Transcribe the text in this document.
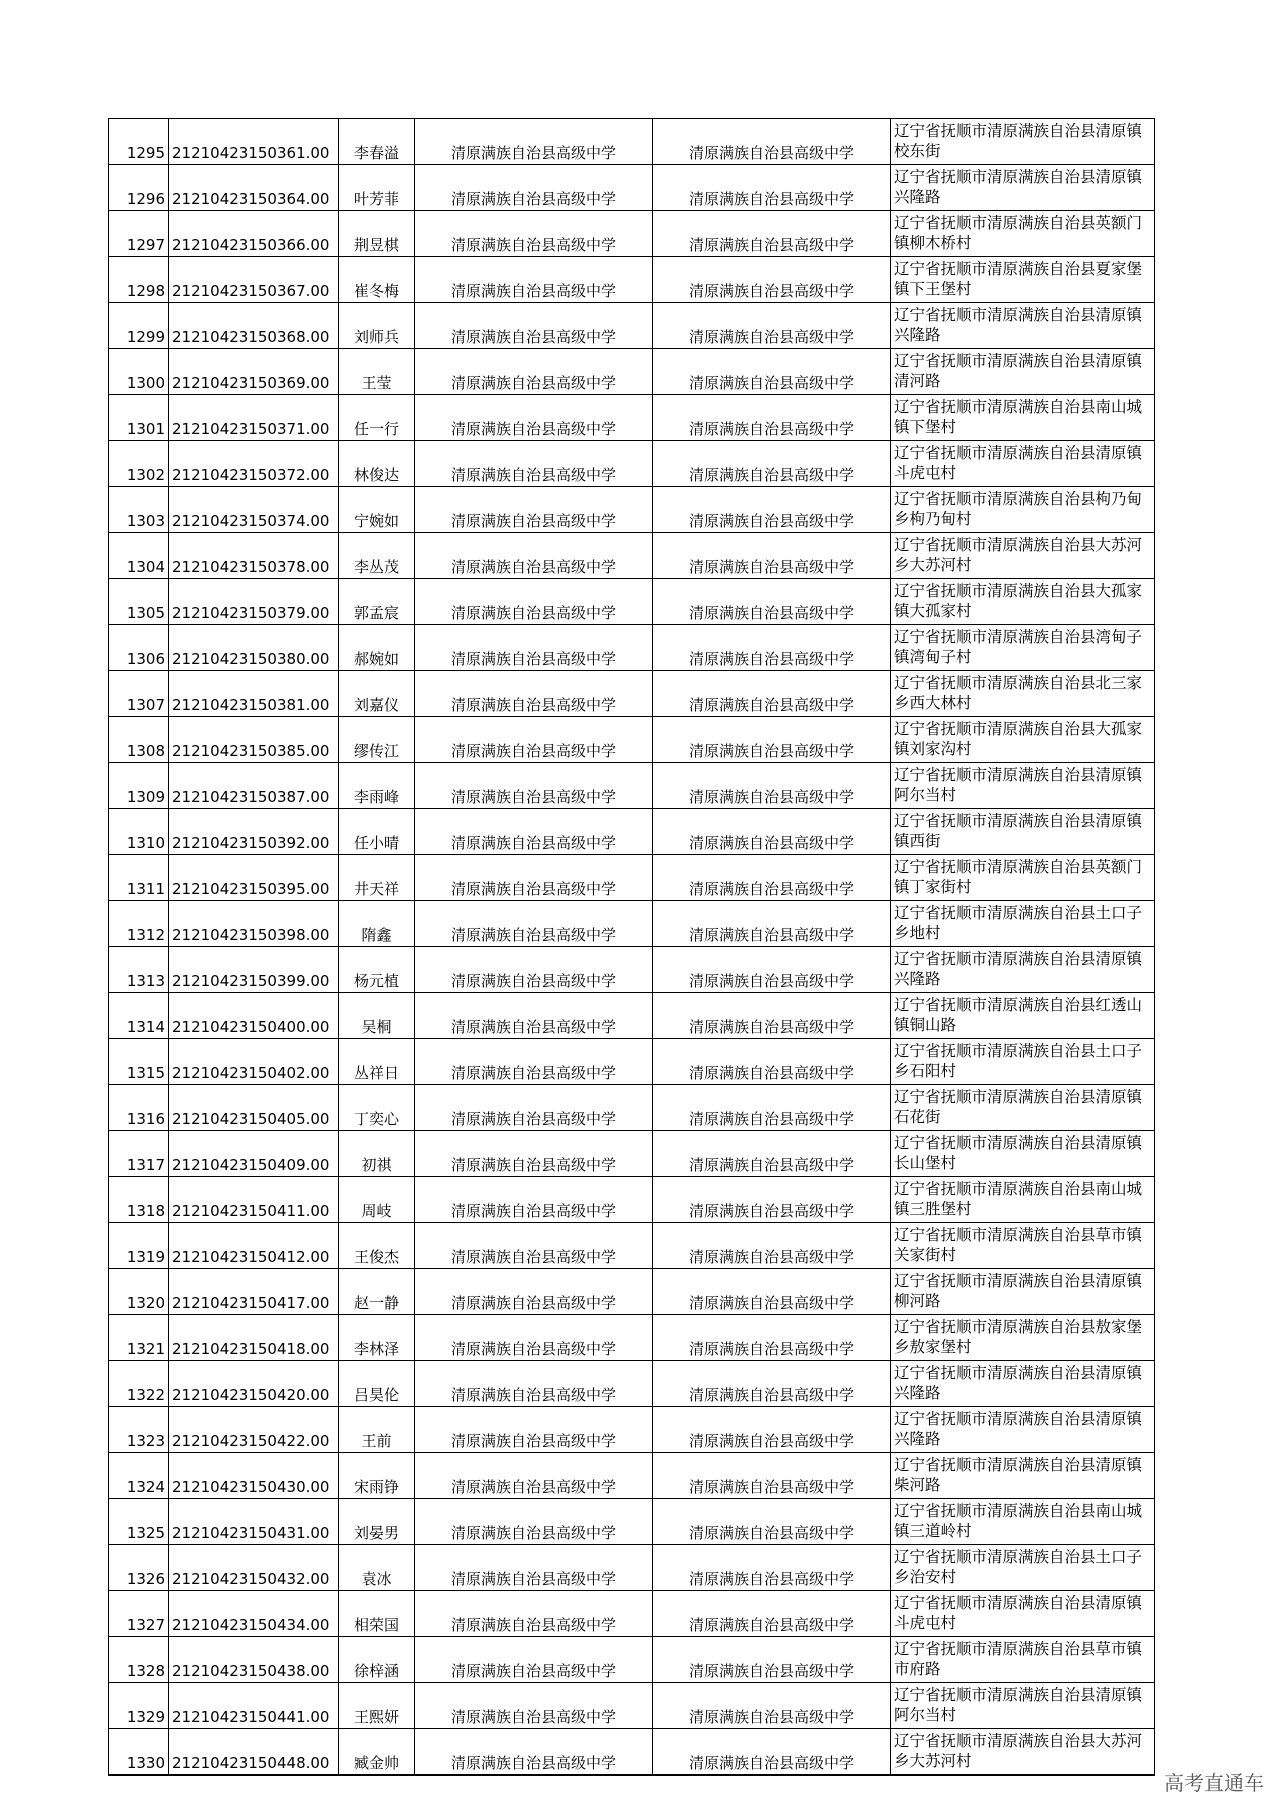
1295	21210423150361.00	李春溢	清原满族自治县高级中学	清原满族自治县高级中学	辽宁省抚顺市清原满族自治县清原镇校东街
1296	21210423150364.00	叶芳菲	清原满族自治县高级中学	清原满族自治县高级中学	辽宁省抚顺市清原满族自治县清原镇兴隆路
1297	21210423150366.00	荆昱棋	清原满族自治县高级中学	清原满族自治县高级中学	辽宁省抚顺市清原满族自治县英额门镇柳木桥村
1298	21210423150367.00	崔冬梅	清原满族自治县高级中学	清原满族自治县高级中学	辽宁省抚顺市清原满族自治县夏家堡镇下王堡村
1299	21210423150368.00	刘师兵	清原满族自治县高级中学	清原满族自治县高级中学	辽宁省抚顺市清原满族自治县清原镇兴隆路
1300	21210423150369.00	王莹	清原满族自治县高级中学	清原满族自治县高级中学	辽宁省抚顺市清原满族自治县清原镇清河路
1301	21210423150371.00	任一行	清原满族自治县高级中学	清原满族自治县高级中学	辽宁省抚顺市清原满族自治县南山城镇下堡村
1302	21210423150372.00	林俊达	清原满族自治县高级中学	清原满族自治县高级中学	辽宁省抚顺市清原满族自治县清原镇斗虎屯村
1303	21210423150374.00	宁婉如	清原满族自治县高级中学	清原满族自治县高级中学	辽宁省抚顺市清原满族自治县枸乃甸乡枸乃甸村
1304	21210423150378.00	李丛茂	清原满族自治县高级中学	清原满族自治县高级中学	辽宁省抚顺市清原满族自治县大苏河乡大苏河村
1305	21210423150379.00	郭孟宸	清原满族自治县高级中学	清原满族自治县高级中学	辽宁省抚顺市清原满族自治县大孤家镇大孤家村
1306	21210423150380.00	郝婉如	清原满族自治县高级中学	清原满族自治县高级中学	辽宁省抚顺市清原满族自治县湾甸子镇湾甸子村
1307	21210423150381.00	刘嘉仪	清原满族自治县高级中学	清原满族自治县高级中学	辽宁省抚顺市清原满族自治县北三家乡西大林村
1308	21210423150385.00	缪传江	清原满族自治县高级中学	清原满族自治县高级中学	辽宁省抚顺市清原满族自治县大孤家镇刘家沟村
1309	21210423150387.00	李雨峰	清原满族自治县高级中学	清原满族自治县高级中学	辽宁省抚顺市清原满族自治县清原镇阿尔当村
1310	21210423150392.00	任小晴	清原满族自治县高级中学	清原满族自治县高级中学	辽宁省抚顺市清原满族自治县清原镇镇西街
1311	21210423150395.00	井天祥	清原满族自治县高级中学	清原满族自治县高级中学	辽宁省抚顺市清原满族自治县英额门镇丁家街村
1312	21210423150398.00	隋鑫	清原满族自治县高级中学	清原满族自治县高级中学	辽宁省抚顺市清原满族自治县土口子乡地村
1313	21210423150399.00	杨元植	清原满族自治县高级中学	清原满族自治县高级中学	辽宁省抚顺市清原满族自治县清原镇兴隆路
1314	21210423150400.00	吴桐	清原满族自治县高级中学	清原满族自治县高级中学	辽宁省抚顺市清原满族自治县红透山镇铜山路
1315	21210423150402.00	丛祥日	清原满族自治县高级中学	清原满族自治县高级中学	辽宁省抚顺市清原满族自治县土口子乡石阳村
1316	21210423150405.00	丁奕心	清原满族自治县高级中学	清原满族自治县高级中学	辽宁省抚顺市清原满族自治县清原镇石花街
1317	21210423150409.00	初祺	清原满族自治县高级中学	清原满族自治县高级中学	辽宁省抚顺市清原满族自治县清原镇长山堡村
1318	21210423150411.00	周岐	清原满族自治县高级中学	清原满族自治县高级中学	辽宁省抚顺市清原满族自治县南山城镇三胜堡村
1319	21210423150412.00	王俊杰	清原满族自治县高级中学	清原满族自治县高级中学	辽宁省抚顺市清原满族自治县草市镇关家街村
1320	21210423150417.00	赵一静	清原满族自治县高级中学	清原满族自治县高级中学	辽宁省抚顺市清原满族自治县清原镇柳河路
1321	21210423150418.00	李林泽	清原满族自治县高级中学	清原满族自治县高级中学	辽宁省抚顺市清原满族自治县敖家堡乡敖家堡村
1322	21210423150420.00	吕昊伦	清原满族自治县高级中学	清原满族自治县高级中学	辽宁省抚顺市清原满族自治县清原镇兴隆路
1323	21210423150422.00	王前	清原满族自治县高级中学	清原满族自治县高级中学	辽宁省抚顺市清原满族自治县清原镇兴隆路
1324	21210423150430.00	宋雨铮	清原满族自治县高级中学	清原满族自治县高级中学	辽宁省抚顺市清原满族自治县清原镇柴河路
1325	21210423150431.00	刘晏男	清原满族自治县高级中学	清原满族自治县高级中学	辽宁省抚顺市清原满族自治县南山城镇三道岭村
1326	21210423150432.00	袁冰	清原满族自治县高级中学	清原满族自治县高级中学	辽宁省抚顺市清原满族自治县土口子乡治安村
1327	21210423150434.00	相荣国	清原满族自治县高级中学	清原满族自治县高级中学	辽宁省抚顺市清原满族自治县清原镇斗虎屯村
1328	21210423150438.00	徐梓涵	清原满族自治县高级中学	清原满族自治县高级中学	辽宁省抚顺市清原满族自治县草市镇市府路
1329	21210423150441.00	王熙妍	清原满族自治县高级中学	清原满族自治县高级中学	辽宁省抚顺市清原满族自治县清原镇阿尔当村
1330	21210423150448.00	臧金帅	清原满族自治县高级中学	清原满族自治县高级中学	辽宁省抚顺市清原满族自治县大苏河乡大苏河村
高考直通车
